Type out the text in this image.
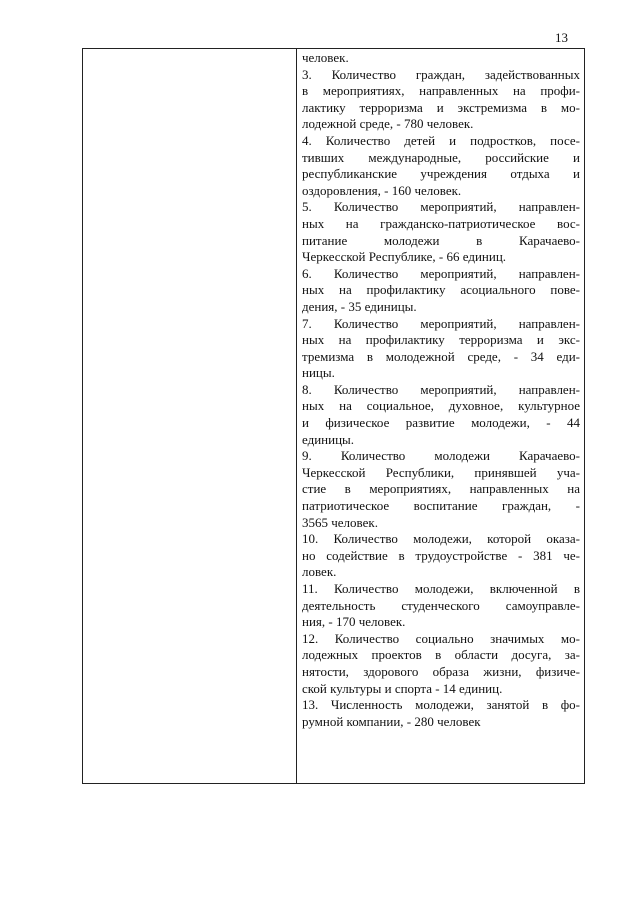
13
человек.
3. Количество граждан, задействованных
в мероприятиях, направленных на профи-
лактику терроризма и экстремизма в мо-
лодежной среде, - 780 человек.
4. Количество детей и подростков, посе-
тивших международные, российские и
республиканские учреждения отдыха и
оздоровления, - 160 человек.
5. Количество мероприятий, направлен-
ных на гражданско-патриотическое вос-
питание молодежи в Карачаево-
Черкесской Республике, - 66 единиц.
6. Количество мероприятий, направлен-
ных на профилактику асоциального пове-
дения, - 35 единицы.
7. Количество мероприятий, направлен-
ных на профилактику терроризма и экс-
тремизма в молодежной среде, - 34 еди-
ницы.
8. Количество мероприятий, направлен-
ных на социальное, духовное, культурное
и физическое развитие молодежи, - 44
единицы.
9. Количество молодежи Карачаево-
Черкесской Республики, принявшей уча-
стие в мероприятиях, направленных на
патриотическое воспитание граждан, -
3565 человек.
10. Количество молодежи, которой оказа-
но содействие в трудоустройстве - 381 че-
ловек.
11. Количество молодежи, включенной в
деятельность студенческого самоуправле-
ния, - 170 человек.
12. Количество социально значимых мо-
лодежных проектов в области досуга, за-
нятости, здорового образа жизни, физиче-
ской культуры и спорта - 14 единиц.
13. Численность молодежи, занятой в фо-
румной компании, - 280 человек
